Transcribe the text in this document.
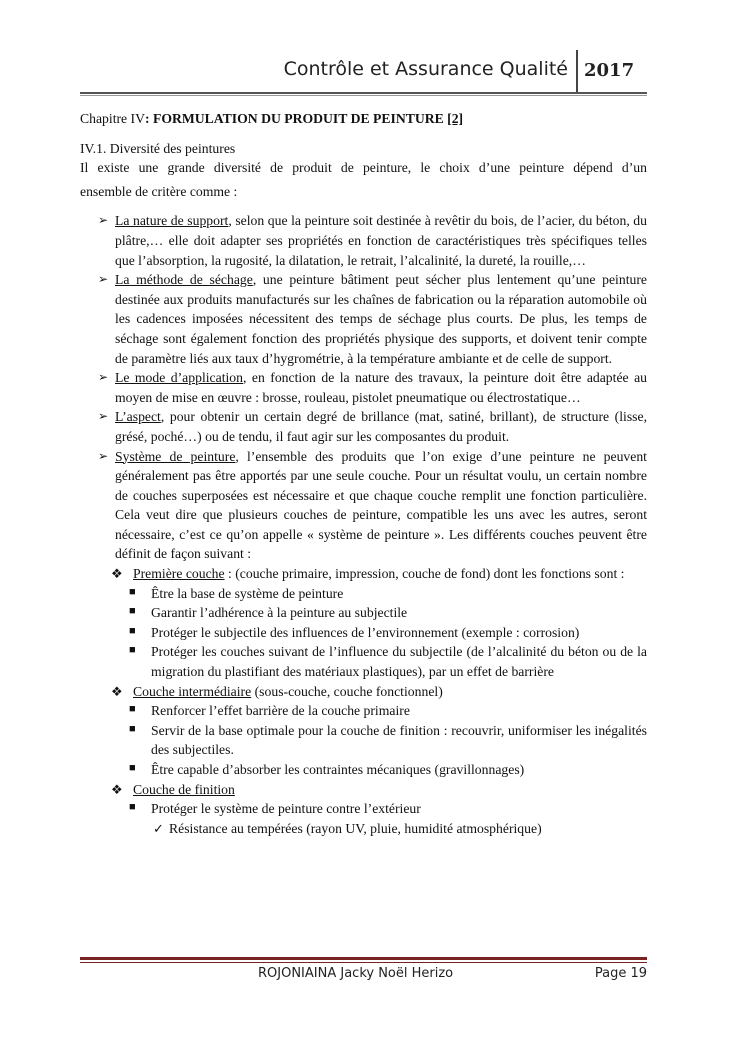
Contrôle et Assurance Qualité 2017

Chapitre IV: FORMULATION DU PRODUIT DE PEINTURE [2]

IV.1. Diversité des peintures

Il existe une grande diversité de produit de peinture, le choix d’une peinture dépend d’un

ensemble de critère comme :

➢ La nature de support, selon que la peinture soit destinée à revêtir du bois, de l’acier, du béton, du plâtre,… elle doit adapter ses propriétés en fonction de caractéristiques très spécifiques telles que l’absorption, la rugosité, la dilatation, le retrait, l’alcalinité, la dureté, la rouille,…
➢ La méthode de séchage, une peinture bâtiment peut sécher plus lentement qu’une peinture destinée aux produits manufacturés sur les chaînes de fabrication ou la réparation automobile où les cadences imposées nécessitent des temps de séchage plus courts. De plus, les temps de séchage sont également fonction des propriétés physique des supports, et doivent tenir compte de paramètre liés aux taux d’hygrométrie, à la température ambiante et de celle de support.
➢ Le mode d’application, en fonction de la nature des travaux, la peinture doit être adaptée au moyen de mise en œuvre : brosse, rouleau, pistolet pneumatique ou électrostatique…
➢ L’aspect, pour obtenir un certain degré de brillance (mat, satiné, brillant), de structure (lisse, grésé, poché…) ou de tendu, il faut agir sur les composantes du produit.
➢ Système de peinture, l’ensemble des produits que l’on exige d’une peinture ne peuvent généralement pas être apportés par une seule couche. Pour un résultat voulu, un certain nombre de couches superposées est nécessaire et que chaque couche remplit une fonction particulière. Cela veut dire que plusieurs couches de peinture, compatible les uns avec les autres, seront nécessaire, c’est ce qu’on appelle « système de peinture ». Les différents couches peuvent être définit de façon suivant :
❖ Première couche : (couche primaire, impression, couche de fond) dont les fonctions sont :
■ Être la base de système de peinture
■ Garantir l’adhérence à la peinture au subjectile
■ Protéger le subjectile des influences de l’environnement (exemple : corrosion)
■ Protéger les couches suivant de l’influence du subjectile (de l’alcalinité du béton ou de la migration du plastifiant des matériaux plastiques), par un effet de barrière
❖ Couche intermédiaire (sous-couche, couche fonctionnel)
■ Renforcer l’effet barrière de la couche primaire
■ Servir de la base optimale pour la couche de finition : recouvrir, uniformiser les inégalités des subjectiles.
■ Être capable d’absorber les contraintes mécaniques (gravillonnages)
❖ Couche de finition
■ Protéger le système de peinture contre l’extérieur
✓ Résistance au tempérées (rayon UV, pluie, humidité atmosphérique)
ROJONIAINA Jacky Noël Herizo	Page 19
